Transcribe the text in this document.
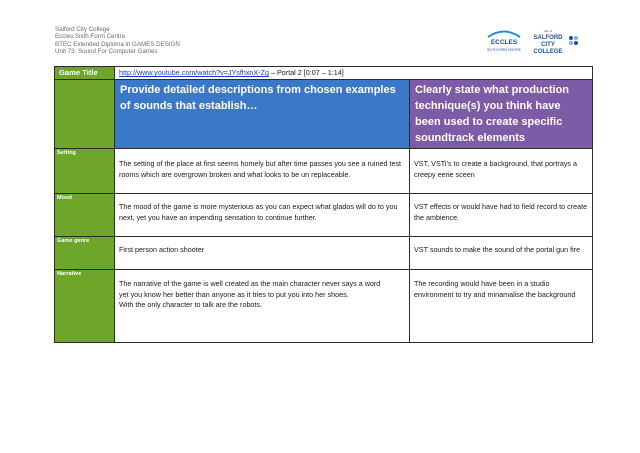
Salford City College
Eccles Sixth Form Centre
BTEC Extended Diploma in GAMES DESIGN
Unit 73: Sound For Computer Games
ECCLES
SIXTH FORM CENTRE
part of
SALFORD
CITY
COLLEGE
Game Title	http://www.youtube.com/watch?v=JYsfhxnX-Zg – Portal 2 [0:07 – 1:14]	
	Provide detailed descriptions from chosen examples of sounds that establish…	Clearly state what production technique(s) you think have been used to create specific soundtrack elements
Setting	The setting of the place at first seems homely but after time passes you see a ruined test rooms which are overgrown broken and what looks to be un replaceable.	VST, VSTi’s to create a background, that portrays a creepy eerie sceen
Mood	The mood of the game is more mysterious as you can expect what glados will do to you next, yet you have an impending sensation to continue further.	VST effects or would have had to field record to create the ambience.
Game genre	First person action shooter	VST sounds to make the sound of the portal gun fire
Narrative	The narrative of the game is well created as the main character never says a word
yet you know her better than anyone as it tries to put you into her shoes.
With the only character to talk are the robots.	The recording would have been in a studio environment to try and minamalise the background
